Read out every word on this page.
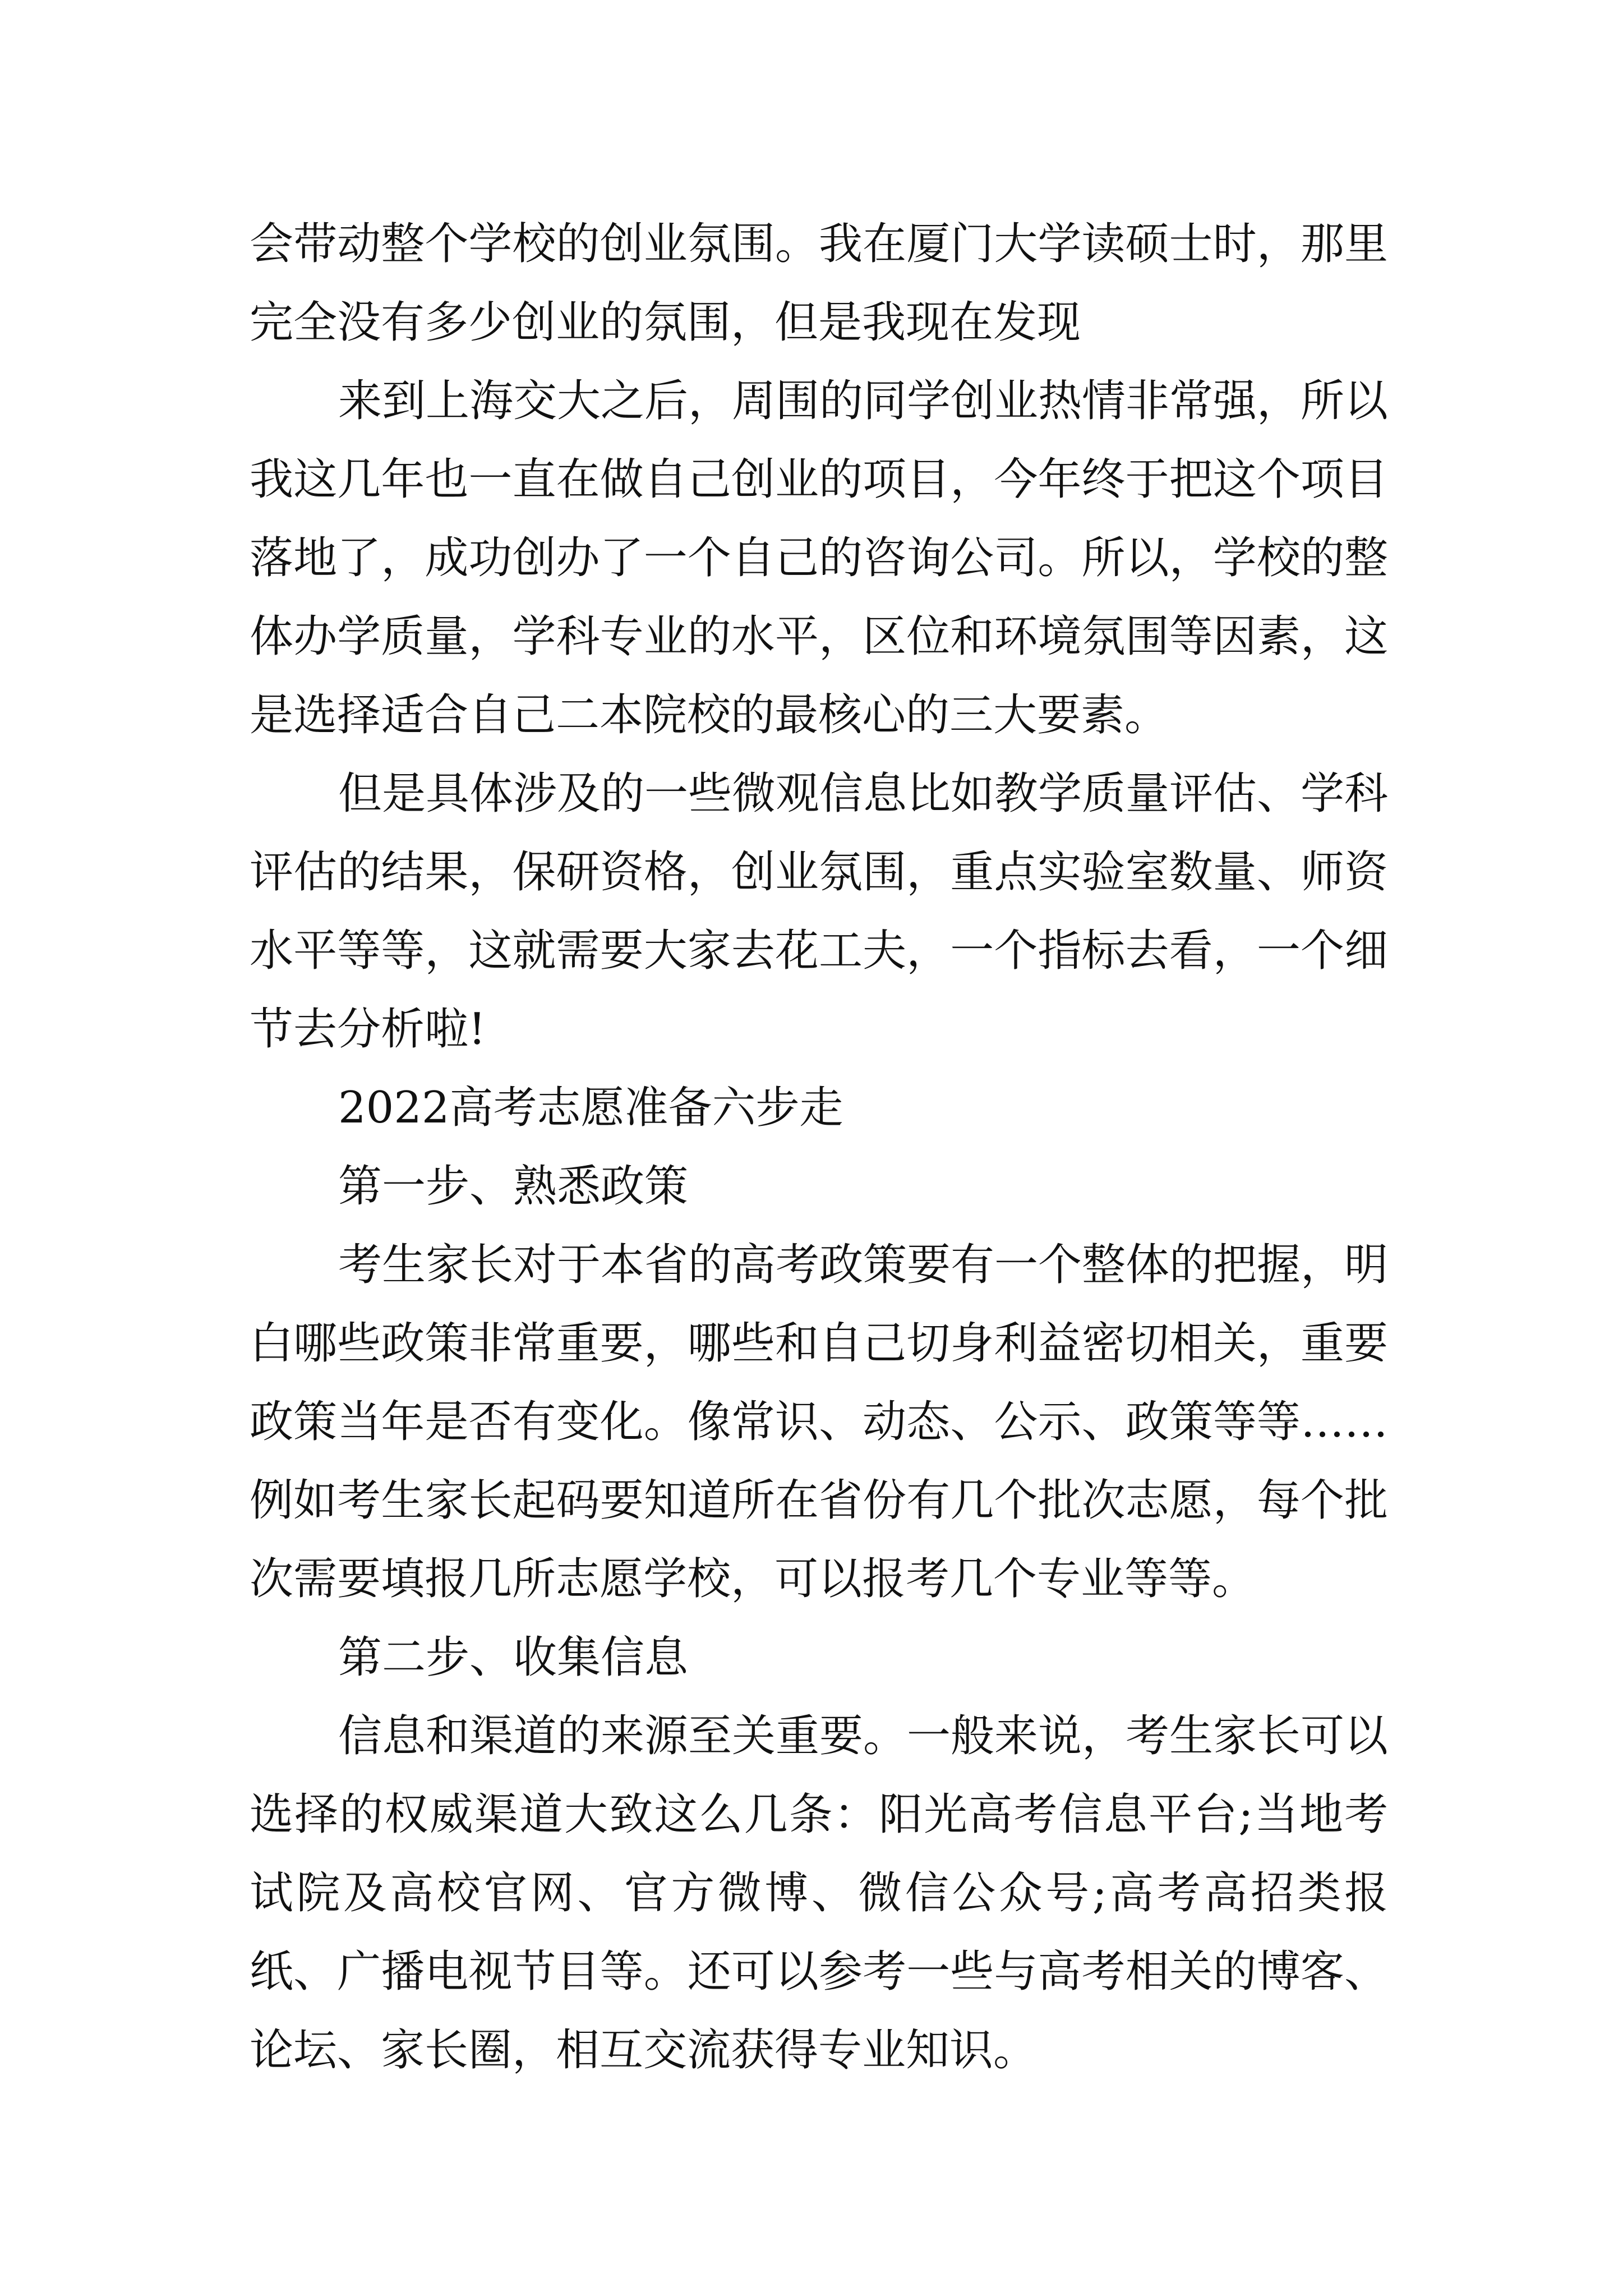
会带动整个学校的创业氛围。我在厦门大学读硕士时，那里完全没有多少创业的氛围，但是我现在发现

来到上海交大之后，周围的同学创业热情非常强，所以我这几年也一直在做自己创业的项目，今年终于把这个项目落地了，成功创办了一个自己的咨询公司。所以，学校的整体办学质量，学科专业的水平，区位和环境氛围等因素，这是选择适合自己二本院校的最核心的三大要素。

但是具体涉及的一些微观信息比如教学质量评估、学科评估的结果，保研资格，创业氛围，重点实验室数量、师资水平等等，这就需要大家去花工夫，一个指标去看，一个细节去分析啦!

2022高考志愿准备六步走

第一步、熟悉政策

考生家长对于本省的高考政策要有一个整体的把握，明白哪些政策非常重要，哪些和自己切身利益密切相关，重要政策当年是否有变化。像常识、动态、公示、政策等等……例如考生家长起码要知道所在省份有几个批次志愿，每个批次需要填报几所志愿学校，可以报考几个专业等等。

第二步、收集信息

信息和渠道的来源至关重要。一般来说，考生家长可以选择的权威渠道大致这么几条：阳光高考信息平台;当地考试院及高校官网、官方微博、微信公众号;高考高招类报纸、广播电视节目等。还可以参考一些与高考相关的博客、论坛、家长圈，相互交流获得专业知识。
